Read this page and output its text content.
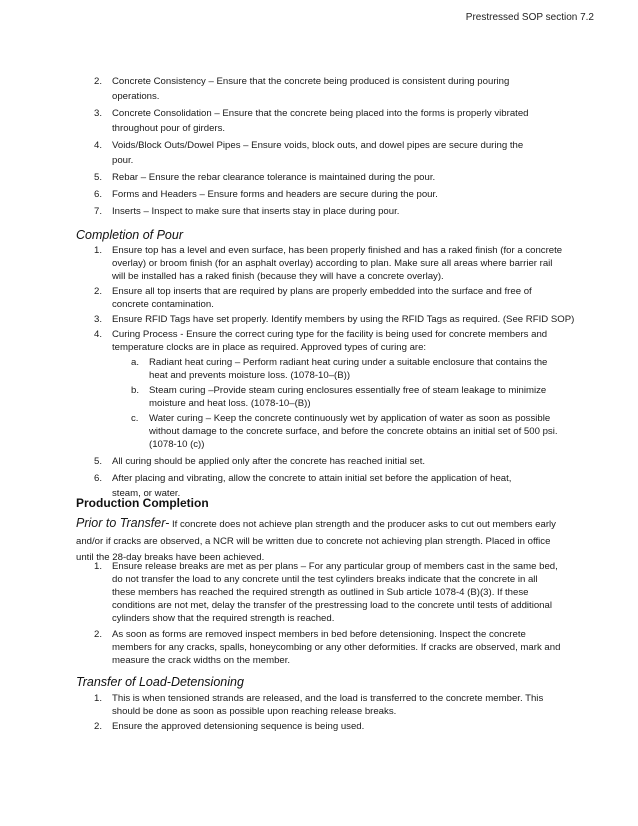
Prestressed SOP section 7.2
2. Concrete Consistency – Ensure that the concrete being produced is consistent during pouring
operations.
3. Concrete Consolidation – Ensure that the concrete being placed into the forms is properly vibrated
throughout pour of girders.
4. Voids/Block Outs/Dowel Pipes – Ensure voids, block outs, and dowel pipes are secure during the
pour.
5. Rebar – Ensure the rebar clearance tolerance is maintained during the pour.
6. Forms and Headers – Ensure forms and headers are secure during the pour.
7. Inserts – Inspect to make sure that inserts stay in place during pour.
Completion of Pour
1. Ensure top has a level and even surface, has been properly finished and has a raked finish (for a concrete
overlay) or broom finish (for an asphalt overlay) according to plan. Make sure all areas where barrier rail
will be installed has a raked finish (because they will have a concrete overlay).
2. Ensure all top inserts that are required by plans are properly embedded into the surface and free of
concrete contamination.
3. Ensure RFID Tags have set properly. Identify members by using the RFID Tags as required. (See RFID SOP)
4. Curing Process - Ensure the correct curing type for the facility is being used for concrete members and
temperature clocks are in place as required. Approved types of curing are:
a. Radiant heat curing – Perform radiant heat curing under a suitable enclosure that contains the
heat and prevents moisture loss. (1078-10–(B))
b. Steam curing –Provide steam curing enclosures essentially free of steam leakage to minimize
moisture and heat loss. (1078-10–(B))
c. Water curing – Keep the concrete continuously wet by application of water as soon as possible
without damage to the concrete surface, and before the concrete obtains an initial set of 500 psi.
(1078-10 (c))
5. All curing should be applied only after the concrete has reached initial set.
6. After placing and vibrating, allow the concrete to attain initial set before the application of heat,
steam, or water.
Production Completion
Prior to Transfer- If concrete does not achieve plan strength and the producer asks to cut out members early
and/or if cracks are observed, a NCR will be written due to concrete not achieving plan strength. Placed in office
until the 28-day breaks have been achieved.
1. Ensure release breaks are met as per plans – For any particular group of members cast in the same bed,
do not transfer the load to any concrete until the test cylinders breaks indicate that the concrete in all
these members has reached the required strength as outlined in Sub article 1078-4 (B)(3). If these
conditions are not met, delay the transfer of the prestressing load to the concrete until tests of additional
cylinders show that the required strength is reached.
2. As soon as forms are removed inspect members in bed before detensioning. Inspect the concrete
members for any cracks, spalls, honeycombing or any other deformities. If cracks are observed, mark and
measure the crack widths on the member.
Transfer of Load-Detensioning
1. This is when tensioned strands are released, and the load is transferred to the concrete member. This
should be done as soon as possible upon reaching release breaks.
2. Ensure the approved detensioning sequence is being used.
